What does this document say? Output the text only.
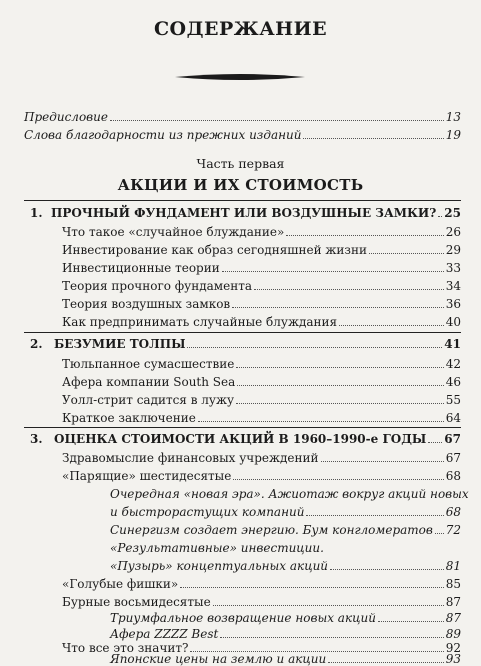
СОДЕРЖАНИЕ
Предисловие	13
Слова благодарности из прежних изданий	19
Часть первая
АКЦИИ И ИХ СТОИМОСТЬ
1. ПРОЧНЫЙ ФУНДАМЕНТ ИЛИ ВОЗДУШНЫЕ ЗАМКИ? 25
Что такое «случайное блуждание»	26
Инвестирование как образ сегодняшней жизни	29
Инвестиционные теории	33
Теория прочного фундамента	34
Теория воздушных замков	36
Как предпринимать случайные блуждания	40
2. БЕЗУМИЕ ТОЛПЫ	41
Тюльпанное сумасшествие	42
Афера компании South Sea	46
Уолл-стрит садится в лужу	55
Краткое заключение	64
3. ОЦЕНКА СТОИМОСТИ АКЦИЙ В 1960–1990-е ГОДЫ 67
Здравомыслие финансовых учреждений	67
«Парящие» шестидесятые	68
Очередная «новая эра». Ажиотаж вокруг акций новых
и быстрорастущих компаний	68
Синергизм создает энергию. Бум конгломератов 72
«Результативные» инвестиции.
«Пузырь» концептуальных акций	81
«Голубые фишки»	85
Бурные восьмидесятые	87
Триумфальное возвращение новых акций	87
Афера ZZZZ Best	89
Что все это значит?	92
Японские цены на землю и акции	93
